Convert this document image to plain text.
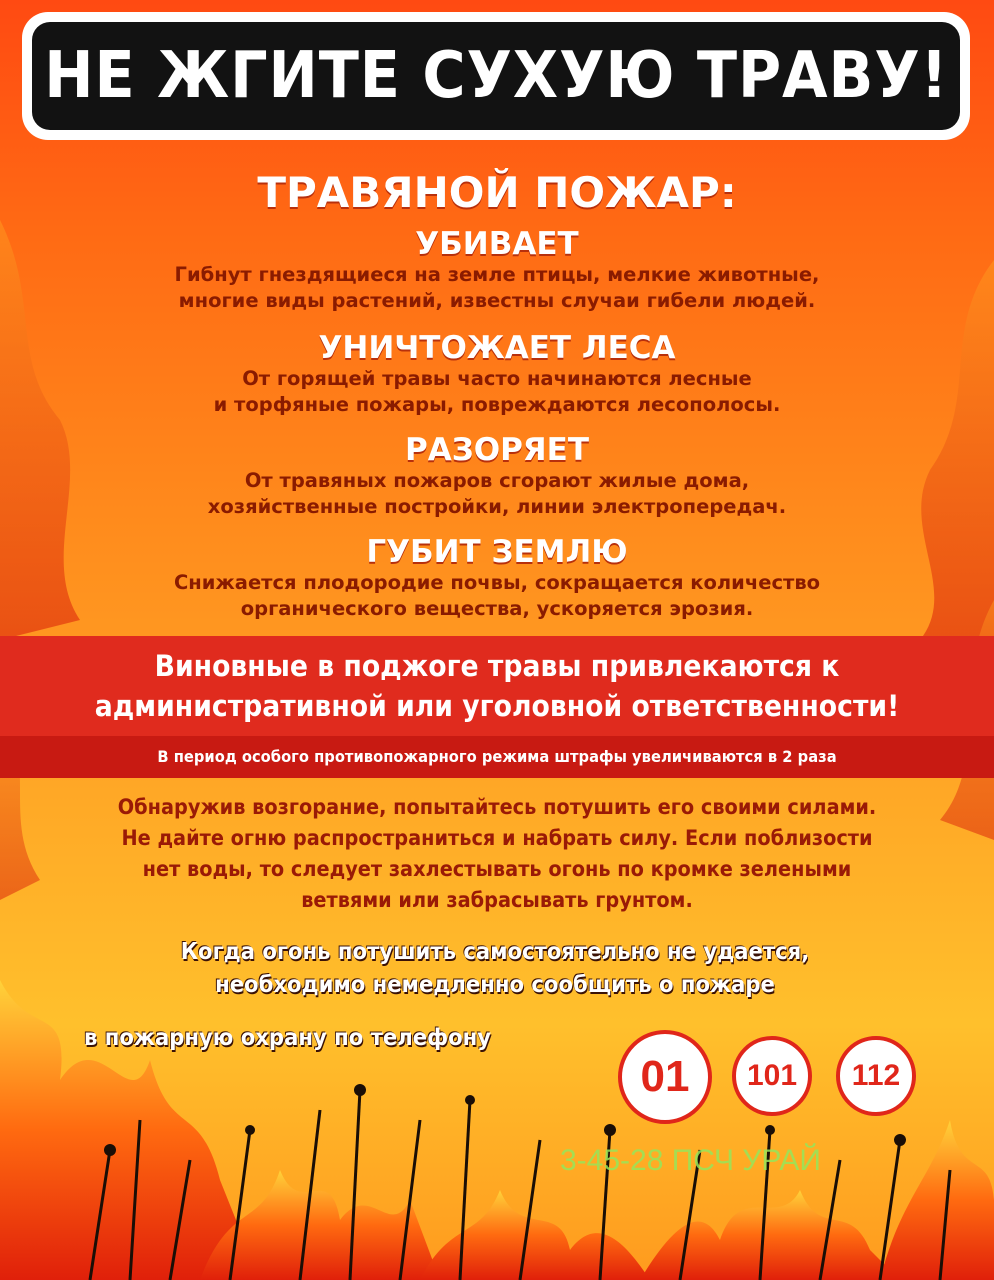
НЕ ЖГИТЕ СУХУЮ ТРАВУ!
ТРАВЯНОЙ ПОЖАР:
УБИВАЕТ
Гибнут гнездящиеся на земле птицы, мелкие животные,
многие виды растений, известны случаи гибели людей.
УНИЧТОЖАЕТ ЛЕСА
От горящей травы часто начинаются лесные
и торфяные пожары, повреждаются лесополосы.
РАЗОРЯЕТ
От травяных пожаров сгорают жилые дома,
хозяйственные постройки, линии электропередач.
ГУБИТ ЗЕМЛЮ
Снижается плодородие почвы, сокращается количество
органического вещества, ускоряется эрозия.
Виновные в поджоге травы привлекаются к
административной или уголовной ответственности!
В период особого противопожарного режима штрафы увеличиваются в 2 раза
Обнаружив возгорание, попытайтесь потушить его своими силами.
Не дайте огню распространиться и набрать силу. Если поблизости
нет воды, то следует захлестывать огонь по кромке зелеными
ветвями или забрасывать грунтом.
Когда огонь потушить самостоятельно не удается,
необходимо немедленно сообщить о пожаре
в пожарную охрану по телефону
01	101	112
3-45-28 ПСЧ УРАЙ
